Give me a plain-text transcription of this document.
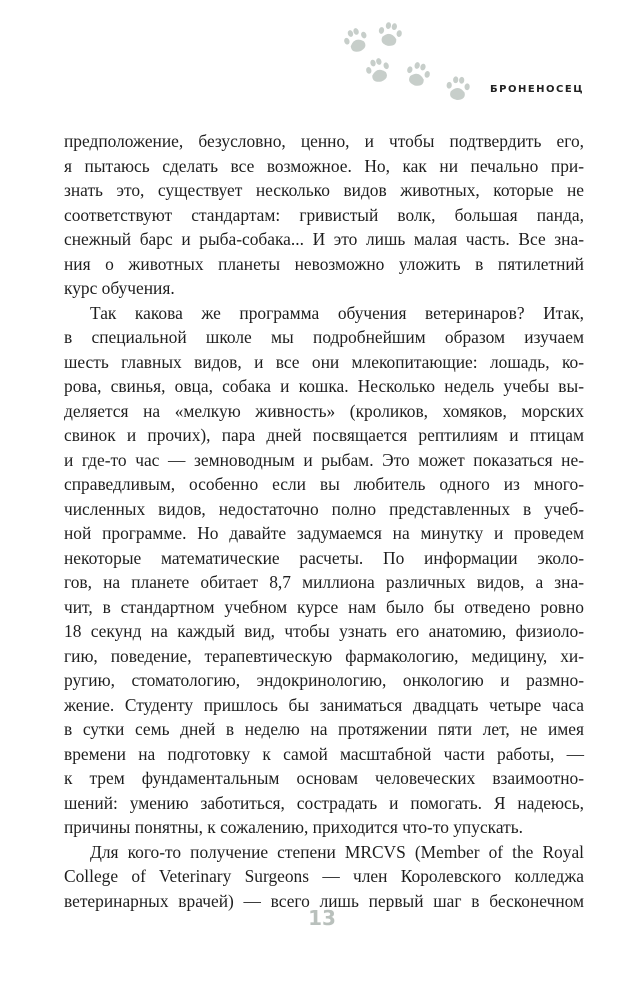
БРОНЕНОСЕЦ
предположение, безусловно, ценно, и чтобы подтвердить его,
я пытаюсь сделать все возможное. Но, как ни печально при-
знать это, существует несколько видов животных, которые не
соответствуют стандартам: гривистый волк, большая панда,
снежный барс и рыба-собака... И это лишь малая часть. Все зна-
ния о животных планеты невозможно уложить в пятилетний
курс обучения.
Так какова же программа обучения ветеринаров? Итак,
в специальной школе мы подробнейшим образом изучаем
шесть главных видов, и все они млекопитающие: лошадь, ко-
рова, свинья, овца, собака и кошка. Несколько недель учебы вы-
деляется на «мелкую живность» (кроликов, хомяков, морских
свинок и прочих), пара дней посвящается рептилиям и птицам
и где-то час — земноводным и рыбам. Это может показаться не-
справедливым, особенно если вы любитель одного из много-
численных видов, недостаточно полно представленных в учеб-
ной программе. Но давайте задумаемся на минутку и проведем
некоторые математические расчеты. По информации эколо-
гов, на планете обитает 8,7 миллиона различных видов, а зна-
чит, в стандартном учебном курсе нам было бы отведено ровно
18 секунд на каждый вид, чтобы узнать его анатомию, физиоло-
гию, поведение, терапевтическую фармакологию, медицину, хи-
ругию, стоматологию, эндокринологию, онкологию и размно-
жение. Студенту пришлось бы заниматься двадцать четыре часа
в сутки семь дней в неделю на протяжении пяти лет, не имея
времени на подготовку к самой масштабной части работы, —
к трем фундаментальным основам человеческих взаимоотно-
шений: умению заботиться, сострадать и помогать. Я надеюсь,
причины понятны, к сожалению, приходится что-то упускать.
Для кого-то получение степени MRCVS (Member of the Royal
College of Veterinary Surgeons — член Королевского колледжа
ветеринарных врачей) — всего лишь первый шаг в бесконечном
13
